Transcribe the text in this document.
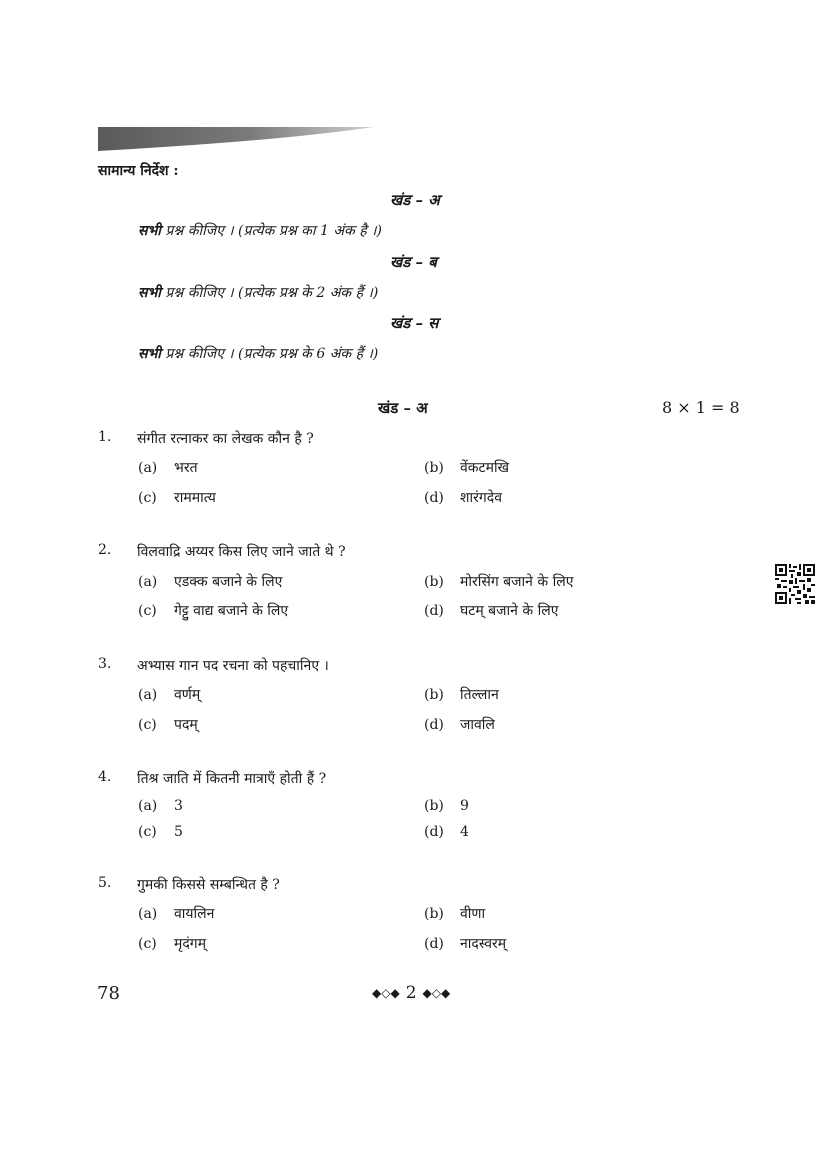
सामान्य निर्देश :
खंड – अ
सभी प्रश्न कीजिए । (प्रत्येक प्रश्न का 1 अंक है ।)
खंड – ब
सभी प्रश्न कीजिए । (प्रत्येक प्रश्न के 2 अंक हैं ।)
खंड – स
सभी प्रश्न कीजिए । (प्रत्येक प्रश्न के 6 अंक हैं ।)
खंड – अ	8 × 1 = 8
1. संगीत रत्नाकर का लेखक कौन है ?
(a) भरत	(b) वेंकटमखि
(c) राममात्य	(d) शारंगदेव
2. विलवाद्रि अय्यर किस लिए जाने जाते थे ?
(a) एडक्क बजाने के लिए	(b) मोरसिंग बजाने के लिए
(c) गेट्टु वाद्य बजाने के लिए	(d) घटम् बजाने के लिए
3. अभ्यास गान पद रचना को पहचानिए ।
(a) वर्णम्	(b) तिल्लान
(c) पदम्	(d) जावलि
4. तिश्र जाति में कितनी मात्राएँ होती हैं ?
(a) 3	(b) 9
(c) 5	(d) 4
5. गुमकी किससे सम्बन्धित है ?
(a) वायलिन	(b) वीणा
(c) मृदंगम्	(d) नादस्वरम्
78	◆◇◆ 2 ◆◇◆
